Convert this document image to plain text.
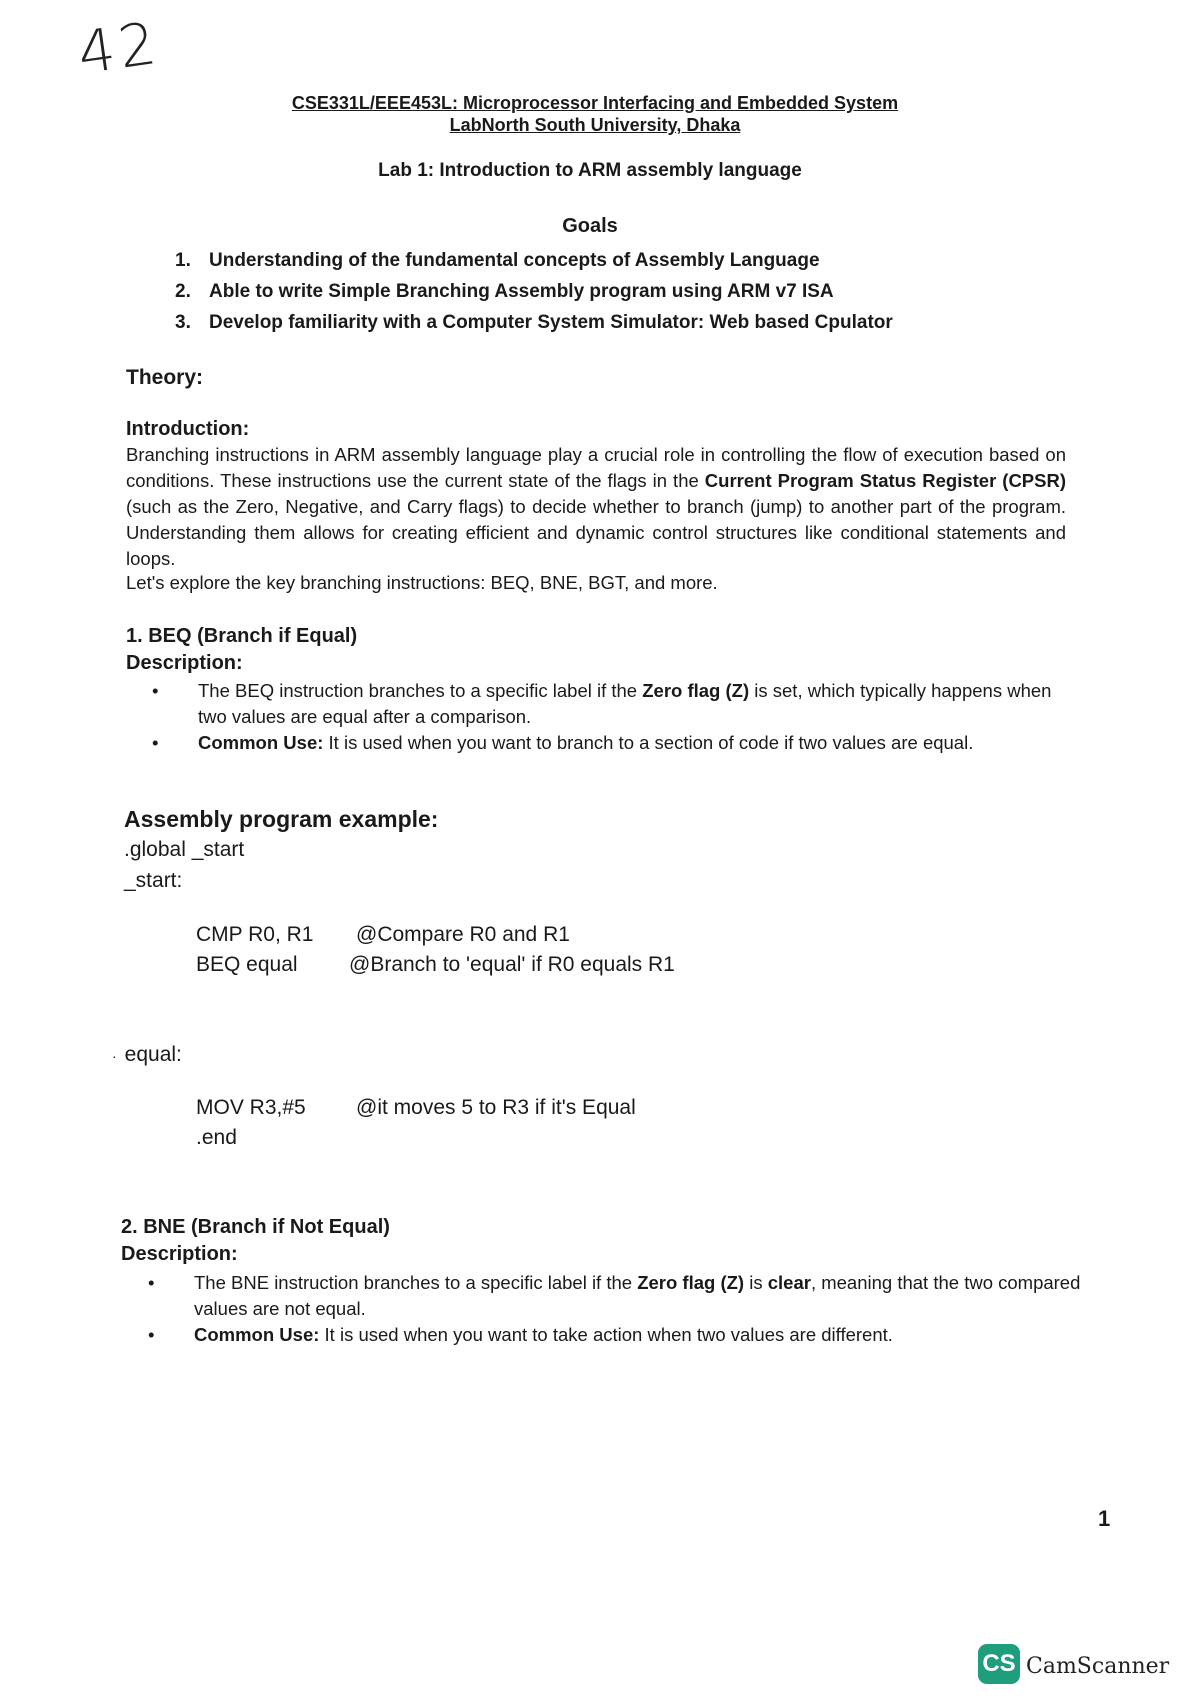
42
CSE331L/EEE453L: Microprocessor Interfacing and Embedded System
LabNorth South University, Dhaka
Lab 1: Introduction to ARM assembly language
Goals
1. Understanding of the fundamental concepts of Assembly Language
2. Able to write Simple Branching Assembly program using ARM v7 ISA
3. Develop familiarity with a Computer System Simulator: Web based Cpulator
Theory:
Introduction:
Branching instructions in ARM assembly language play a crucial role in controlling the flow of execution based on conditions. These instructions use the current state of the flags in the Current Program Status Register (CPSR) (such as the Zero, Negative, and Carry flags) to decide whether to branch (jump) to another part of the program. Understanding them allows for creating efficient and dynamic control structures like conditional statements and loops.
Let's explore the key branching instructions: BEQ, BNE, BGT, and more.
1. BEQ (Branch if Equal)
Description:
• The BEQ instruction branches to a specific label if the Zero flag (Z) is set, which typically happens when two values are equal after a comparison.
• Common Use: It is used when you want to branch to a section of code if two values are equal.
Assembly program example:
.global _start
_start:
CMP R0, R1 @Compare R0 and R1
BEQ equal @Branch to 'equal' if R0 equals R1
· equal:
MOV R3,#5 @it moves 5 to R3 if it's Equal
.end
2. BNE (Branch if Not Equal)
Description:
• The BNE instruction branches to a specific label if the Zero flag (Z) is clear, meaning that the two compared values are not equal.
• Common Use: It is used when you want to take action when two values are different.
1
CS CamScanner
